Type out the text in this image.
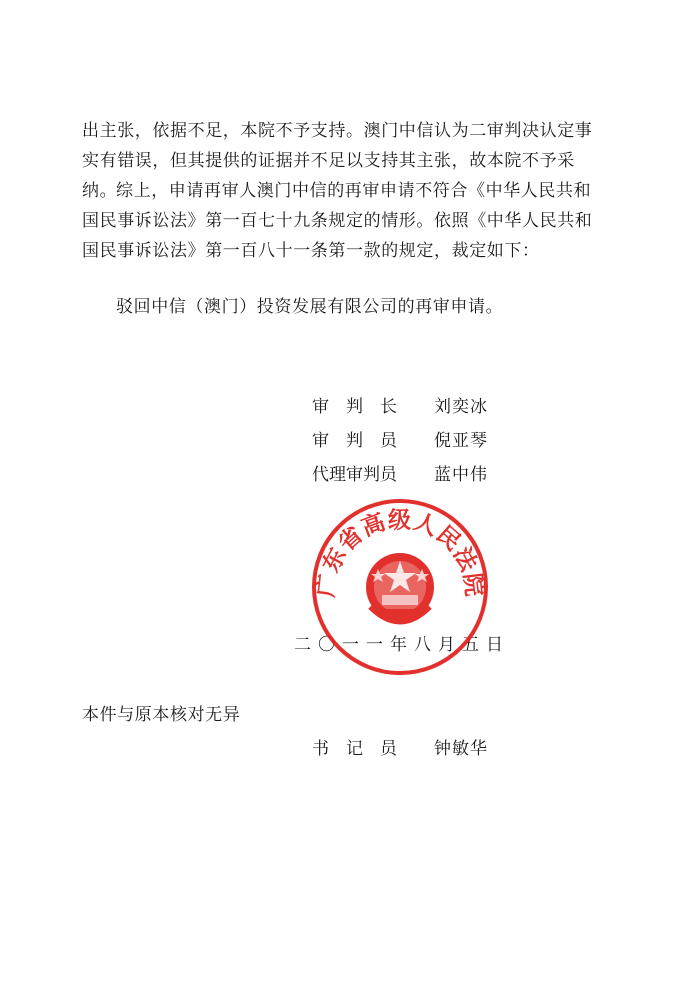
出主张，依据不足，本院不予支持。澳门中信认为二审判决认定事实有错误，但其提供的证据并不足以支持其主张，故本院不予采纳。

综上，申请再审人澳门中信的再审申请不符合《中华人民共和国民事诉讼法》第一百七十九条规定的情形。依照《中华人民共和国民事诉讼法》第一百八十一条第一款的规定，裁定如下：

驳回中信（澳门）投资发展有限公司的再审申请。

审判长 刘奕冰
审判员 倪亚琴
代理审判员	蓝中伟
二〇一一年八月五日
广东省高级人民法院
本件与原本核对无异
书记员 钟敏华
